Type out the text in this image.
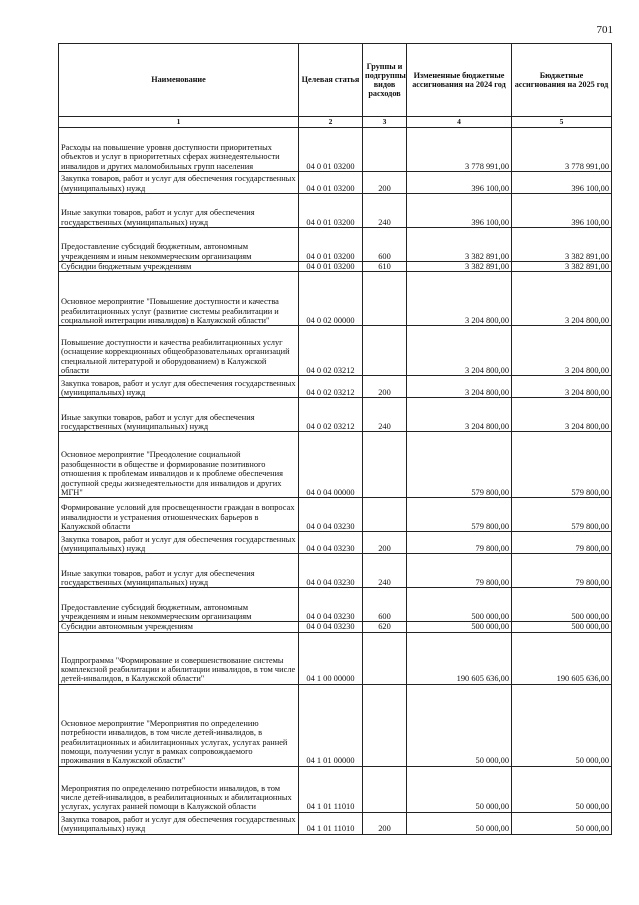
701
Наименование	Целевая статья	Группы и подгруппы видов расходов	Измененные бюджетные ассигнования на 2024 год	Бюджетные ассигнования на 2025 год
1	2	3	4	5
Расходы на повышение уровня доступности приоритетных объектов и услуг в приоритетных сферах жизнедеятельности инвалидов и других маломобильных групп населения	04 0 01 03200		3 778 991,00	3 778 991,00
Закупка товаров, работ и услуг для обеспечения государственных (муниципальных) нужд	04 0 01 03200	200	396 100,00	396 100,00
Иные закупки товаров, работ и услуг для обеспечения государственных (муниципальных) нужд	04 0 01 03200	240	396 100,00	396 100,00
Предоставление субсидий бюджетным, автономным учреждениям и иным некоммерческим организациям	04 0 01 03200	600	3 382 891,00	3 382 891,00
Субсидии бюджетным учреждениям	04 0 01 03200	610	3 382 891,00	3 382 891,00
Основное мероприятие "Повышение доступности и качества реабилитационных услуг (развитие системы реабилитации и социальной интеграции инвалидов) в Калужской области"	04 0 02 00000		3 204 800,00	3 204 800,00
Повышение доступности и качества реабилитационных услуг (оснащение коррекционных общеобразовательных организаций специальной литературой и оборудованием) в Калужской области	04 0 02 03212		3 204 800,00	3 204 800,00
Закупка товаров, работ и услуг для обеспечения государственных (муниципальных) нужд	04 0 02 03212	200	3 204 800,00	3 204 800,00
Иные закупки товаров, работ и услуг для обеспечения государственных (муниципальных) нужд	04 0 02 03212	240	3 204 800,00	3 204 800,00
Основное мероприятие "Преодоление социальной разобщенности в обществе и формирование позитивного отношения к проблемам инвалидов и к проблеме обеспечения доступной среды жизнедеятельности для инвалидов и других МГН"	04 0 04 00000		579 800,00	579 800,00
Формирование условий для просвещенности граждан в вопросах инвалидности и устранения отношенческих барьеров в Калужской области	04 0 04 03230		579 800,00	579 800,00
Закупка товаров, работ и услуг для обеспечения государственных (муниципальных) нужд	04 0 04 03230	200	79 800,00	79 800,00
Иные закупки товаров, работ и услуг для обеспечения государственных (муниципальных) нужд	04 0 04 03230	240	79 800,00	79 800,00
Предоставление субсидий бюджетным, автономным учреждениям и иным некоммерческим организациям	04 0 04 03230	600	500 000,00	500 000,00
Субсидии автономным учреждениям	04 0 04 03230	620	500 000,00	500 000,00
Подпрограмма "Формирование и совершенствование системы комплексной реабилитации и абилитации инвалидов, в том числе детей-инвалидов, в Калужской области"	04 1 00 00000		190 605 636,00	190 605 636,00
Основное мероприятие "Мероприятия по определению потребности инвалидов, в том числе детей-инвалидов, в реабилитационных и абилитационных услугах, услугах ранней помощи, получении услуг в рамках сопровождаемого проживания в Калужской области"	04 1 01 00000		50 000,00	50 000,00
Мероприятия по определению потребности инвалидов, в том числе детей-инвалидов, в реабилитационных и абилитационных услугах, услугах ранней помощи в Калужской области	04 1 01 11010		50 000,00	50 000,00
Закупка товаров, работ и услуг для обеспечения государственных (муниципальных) нужд	04 1 01 11010	200	50 000,00	50 000,00
